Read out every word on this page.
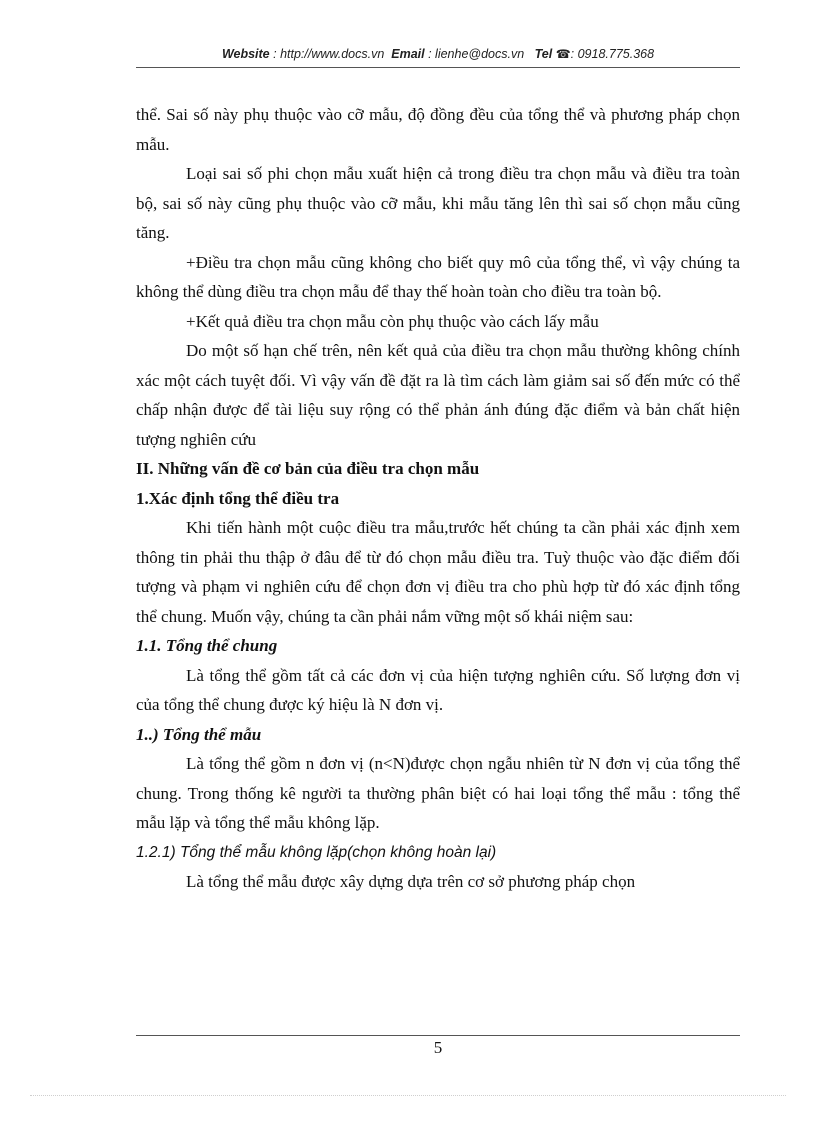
Website : http://www.docs.vn Email : lienhe@docs.vn Tel ☎: 0918.775.368

thể. Sai số này phụ thuộc vào cỡ mẫu, độ đồng đều của tổng thể và phương pháp chọn mẫu.

Loại sai số phi chọn mẫu xuất hiện cả trong điều tra chọn mẫu và điều tra toàn bộ, sai số này cũng phụ thuộc vào cỡ mẫu, khi mẫu tăng lên thì sai số chọn mẫu cũng tăng.

+Điều tra chọn mẫu cũng không cho biết quy mô của tổng thể, vì vậy chúng ta không thể dùng điều tra chọn mẫu để thay thế hoàn toàn cho điều tra toàn bộ.

+Kết quả điều tra chọn mẫu còn phụ thuộc vào cách lấy mẫu

Do một số hạn chế trên, nên kết quả của điều tra chọn mẫu thường không chính xác một cách tuyệt đối. Vì vậy vấn đề đặt ra là tìm cách làm giảm sai số đến mức có thể chấp nhận được để tài liệu suy rộng có thể phản ánh đúng đặc điểm và bản chất hiện tượng nghiên cứu

II. Những vấn đề cơ bản của điều tra chọn mẫu

1.Xác định tổng thể điều tra

Khi tiến hành một cuộc điều tra mẫu,trước hết chúng ta cần phải xác định xem thông tin phải thu thập ở đâu để từ đó chọn mẫu điều tra. Tuỳ thuộc vào đặc điểm đối tượng và phạm vi nghiên cứu để chọn đơn vị điều tra cho phù hợp từ đó xác định tổng thể chung. Muốn vậy, chúng ta cần phải nắm vững một số khái niệm sau:

1.1. Tổng thể chung

Là tổng thể gồm tất cả các đơn vị của hiện tượng nghiên cứu. Số lượng đơn vị của tổng thể chung được ký hiệu là N đơn vị.

1..) Tổng thể mẫu

Là tổng thể gồm n đơn vị (n<N)được chọn ngẫu nhiên từ N đơn vị của tổng thể chung. Trong thống kê người ta thường phân biệt có hai loại tổng thể mẫu : tổng thể mẫu lặp và tổng thể mẫu không lặp.

1.2.1) Tổng thể mẫu không lặp(chọn không hoàn lại)

Là tổng thể mẫu được xây dựng dựa trên cơ sở phương pháp chọn

5
